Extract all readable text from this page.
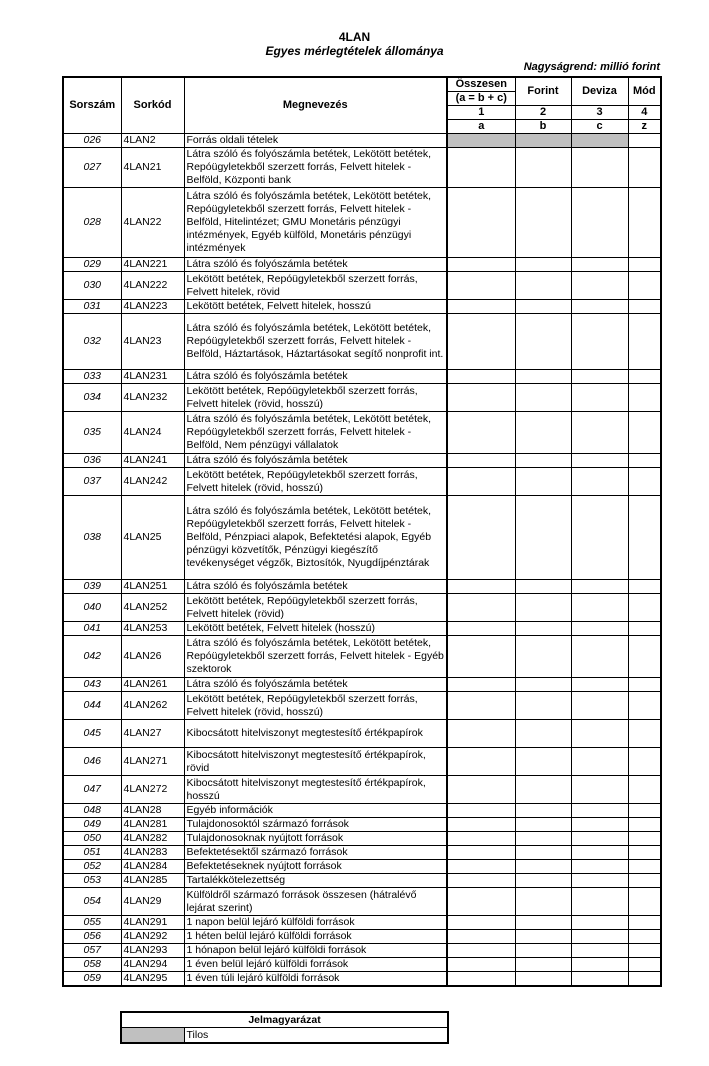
4LAN
Egyes mérlegtételek állománya
Nagyságrend: millió forint
Sorszám	Sorkód	Megnevezés	Összesen	Forint	Deviza	Mód
			(a = b + c)			
			1	2	3	4
			a	b	c	z
026	4LAN2	Forrás oldali tételek				
027	4LAN21	Látra szóló és folyószámla betétek, Lekötött betétek, Repóügyletekből szerzett forrás, Felvett hitelek - Belföld, Központi bank				
028	4LAN22	Látra szóló és folyószámla betétek, Lekötött betétek, Repóügyletekből szerzett forrás, Felvett hitelek - Belföld, Hitelintézet; GMU Monetáris pénzügyi intézmények, Egyéb külföld, Monetáris pénzügyi intézmények				
029	4LAN221	Látra szóló és folyószámla betétek				
030	4LAN222	Lekötött betétek, Repóügyletekből szerzett forrás, Felvett hitelek, rövid				
031	4LAN223	Lekötött betétek, Felvett hitelek, hosszú				
032	4LAN23	Látra szóló és folyószámla betétek, Lekötött betétek, Repóügyletekből szerzett forrás, Felvett hitelek - Belföld, Háztartások, Háztartásokat segítő nonprofit int.				
033	4LAN231	Látra szóló és folyószámla betétek				
034	4LAN232	Lekötött betétek, Repóügyletekből szerzett forrás, Felvett hitelek (rövid, hosszú)				
035	4LAN24	Látra szóló és folyószámla betétek, Lekötött betétek, Repóügyletekből szerzett forrás, Felvett hitelek - Belföld, Nem pénzügyi vállalatok				
036	4LAN241	Látra szóló és folyószámla betétek				
037	4LAN242	Lekötött betétek, Repóügyletekből szerzett forrás, Felvett hitelek (rövid, hosszú)				
038	4LAN25	Látra szóló és folyószámla betétek, Lekötött betétek, Repóügyletekből szerzett forrás, Felvett hitelek - Belföld, Pénzpiaci alapok, Befektetési alapok, Egyéb pénzügyi közvetítők, Pénzügyi kiegészítő tevékenységet végzők, Biztosítók, Nyugdíjpénztárak				
039	4LAN251	Látra szóló és folyószámla betétek				
040	4LAN252	Lekötött betétek, Repóügyletekből szerzett forrás, Felvett hitelek (rövid)				
041	4LAN253	Lekötött betétek, Felvett hitelek (hosszú)				
042	4LAN26	Látra szóló és folyószámla betétek, Lekötött betétek, Repóügyletekből szerzett forrás, Felvett hitelek - Egyéb szektorok				
043	4LAN261	Látra szóló és folyószámla betétek				
044	4LAN262	Lekötött betétek, Repóügyletekből szerzett forrás, Felvett hitelek (rövid, hosszú)				
045	4LAN27	Kibocsátott hitelviszonyt megtestesítő értékpapírok				
046	4LAN271	Kibocsátott hitelviszonyt megtestesítő értékpapírok, rövid				
047	4LAN272	Kibocsátott hitelviszonyt megtestesítő értékpapírok, hosszú				
048	4LAN28	Egyéb információk				
049	4LAN281	Tulajdonosoktól származó források				
050	4LAN282	Tulajdonosoknak nyújtott források				
051	4LAN283	Befektetésektől származó források				
052	4LAN284	Befektetéseknek nyújtott források				
053	4LAN285	Tartalékkötelezettség				
054	4LAN29	Külföldről származó források összesen (hátralévő lejárat szerint)				
055	4LAN291	1 napon belül lejáró külföldi források				
056	4LAN292	1 héten belül lejáró külföldi források				
057	4LAN293	1 hónapon belül lejáró külföldi források				
058	4LAN294	1 éven belül lejáró külföldi források				
059	4LAN295	1 éven túli lejáró külföldi források				
Jelmagyarázat
	Tilos
